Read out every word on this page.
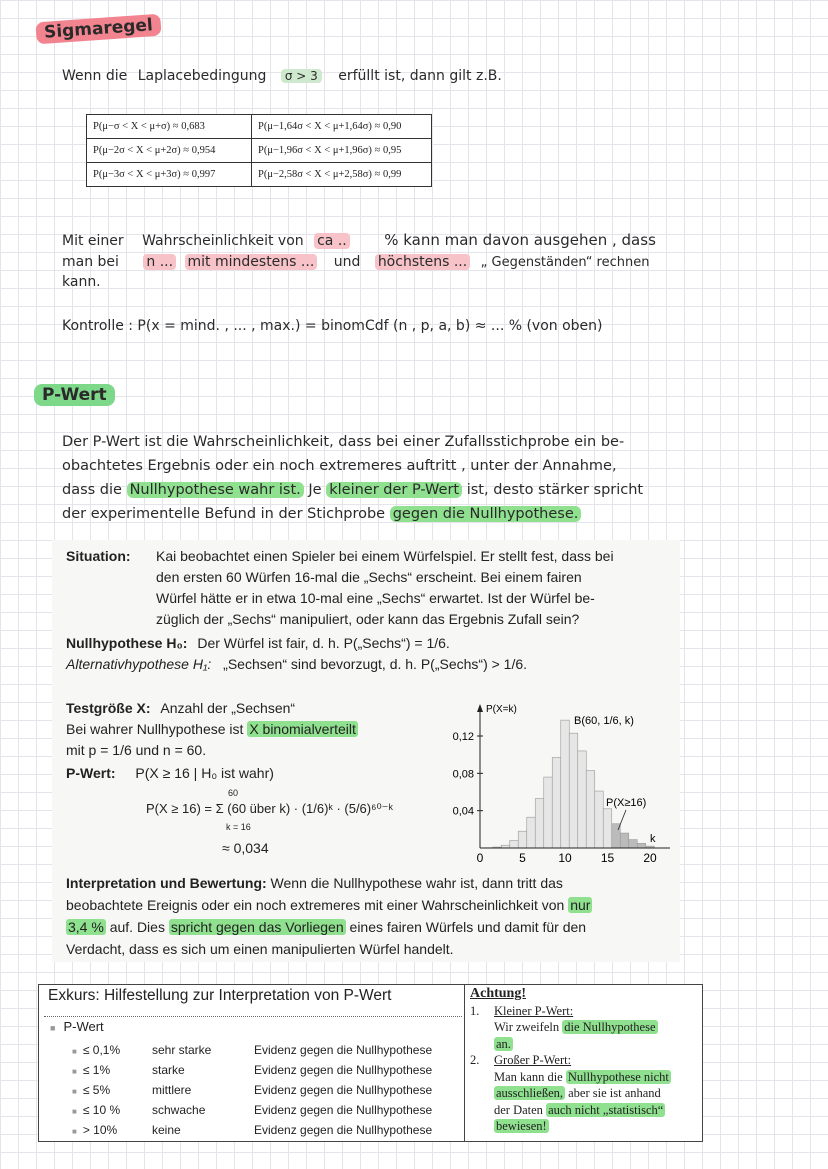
Sigmaregel
Wenn die Laplacebedingung σ > 3 erfüllt ist, dann gilt z.B.
P(μ−σ < X < μ+σ) ≈ 0,683	P(μ−1,64σ < X < μ+1,64σ) ≈ 0,90
P(μ−2σ < X < μ+2σ) ≈ 0,954	P(μ−1,96σ < X < μ+1,96σ) ≈ 0,95
P(μ−3σ < X < μ+3σ) ≈ 0,997	P(μ−2,58σ < X < μ+2,58σ) ≈ 0,99
Mit einer Wahrscheinlichkeit von ca .. % kann man davon ausgehen , dass
man bei n ... mit mindestens ... und höchstens ... „ Gegenständen“ rechnen
kann.
Kontrolle : P(x = mind. , ... , max.) = binomCdf (n , p, a, b) ≈ ... % (von oben)
P-Wert
Der P-Wert ist die Wahrscheinlichkeit, dass bei einer Zufallsstichprobe ein be-
obachtetes Ergebnis oder ein noch extremeres auftritt , unter der Annahme,
dass die Nullhypothese wahr ist. Je kleiner der P-Wert ist, desto stärker spricht
der experimentelle Befund in der Stichprobe gegen die Nullhypothese.
Situation:	Kai beobachtet einen Spieler bei einem Würfelspiel. Er stellt fest, dass bei
den ersten 60 Würfen 16-mal die „Sechs“ erscheint. Bei einem fairen
Würfel hätte er in etwa 10-mal eine „Sechs“ erwartet. Ist der Würfel be-
züglich der „Sechs“ manipuliert, oder kann das Ergebnis Zufall sein?
Nullhypothese H₀: Der Würfel ist fair, d. h. P(„Sechs“) = 1/6.
Alternativhypothese H₁: „Sechsen“ sind bevorzugt, d. h. P(„Sechs“) > 1/6.
Testgröße X: Anzahl der „Sechsen“
Bei wahrer Nullhypothese ist X binomialverteilt
mit p = 1/6 und n = 60.
P-Wert: P(X ≥ 16 | H₀ ist wahr)
60
P(X ≥ 16) = Σ (60 über k) · (1/6)ᵏ · (5/6)⁶⁰⁻ᵏ
k = 16
≈ 0,034
P(X=k)
B(60, 1/6, k)
P(X≥16)
k
0	5	10 15 20
0,04
0,08
0,12
Interpretation und Bewertung: Wenn die Nullhypothese wahr ist, dann tritt das
beobachtete Ereignis oder ein noch extremeres mit einer Wahrscheinlichkeit von nur
3,4 % auf. Dies spricht gegen das Vorliegen eines fairen Würfels und damit für den
Verdacht, dass es sich um einen manipulierten Würfel handelt.
Exkurs: Hilfestellung zur Interpretation von P-Wert
■ P-Wert
■ ≤ 0,1%	sehr starke	Evidenz gegen die Nullhypothese
■ ≤ 1%	starke	Evidenz gegen die Nullhypothese
■ ≤ 5%	mittlere	Evidenz gegen die Nullhypothese
■ ≤ 10 %	schwache	Evidenz gegen die Nullhypothese
■ > 10%	keine	Evidenz gegen die Nullhypothese
Achtung!
1.	Kleiner P-Wert:
Wir zweifeln die Nullhypothese
an.
2.	Großer P-Wert:
Man kann die Nullhypothese nicht
ausschließen, aber sie ist anhand
der Daten auch nicht „statistisch“
bewiesen!
